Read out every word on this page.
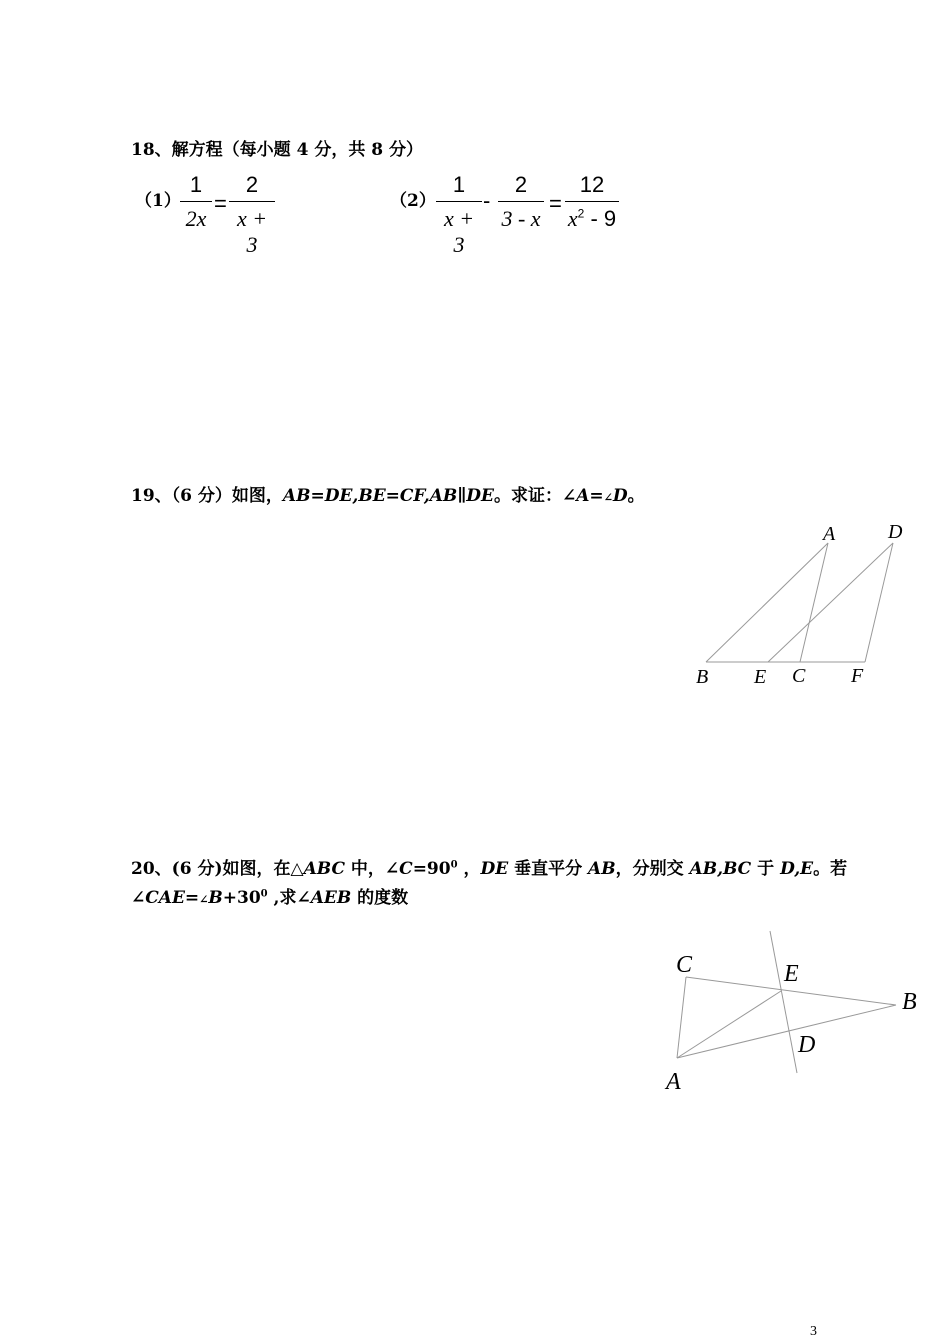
18、解方程（每小题 4 分，共 8 分）
（1）
1
2x
=
2
x + 3
（2）
1
x + 3
-
2
3 - x
=
12
$x^2 - 9$
19、（6 分）如图，AB=DE,BE=CF,AB∥DE。求证：∠A=∠D。
A	D
B E C F
20、(6 分)如图，在△ABC 中，$\angle C=90^0$ ，DE 垂直平分 AB，分别交 AB,BC 于 D,E。若
$\angle CAE=\angle B+30^0$ ,求∠AEB 的度数
C	E
B
D
A
3
